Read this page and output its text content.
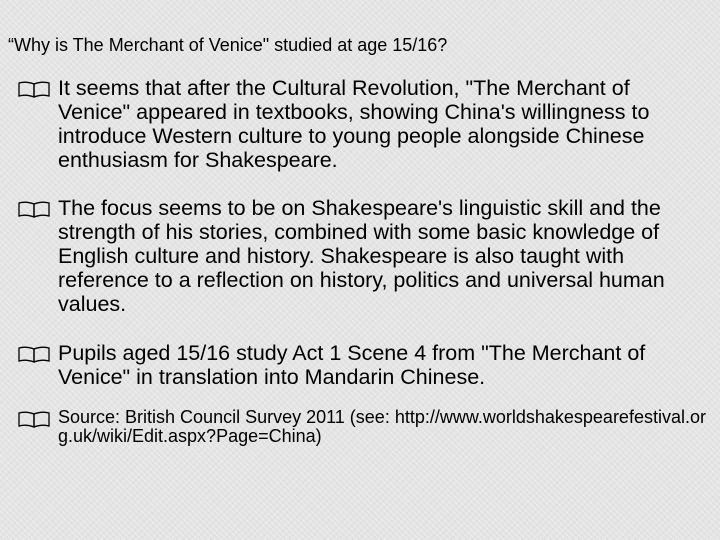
“Why is The Merchant of Venice" studied at age 15/16?
It seems that after the Cultural Revolution, "The Merchant of Venice" appeared in textbooks, showing China's willingness to introduce Western culture to young people alongside Chinese enthusiasm for Shakespeare.
The focus seems to be on Shakespeare's linguistic skill and the strength of his stories, combined with some basic knowledge of English culture and history. Shakespeare is also taught with reference to a reflection on history, politics and universal human values.
Pupils aged 15/16 study Act 1 Scene 4 from "The Merchant of Venice" in translation into Mandarin Chinese.
Source: British Council Survey 2011 (see: http://www.worldshakespearefestival.org.uk/wiki/Edit.aspx?Page=China)
